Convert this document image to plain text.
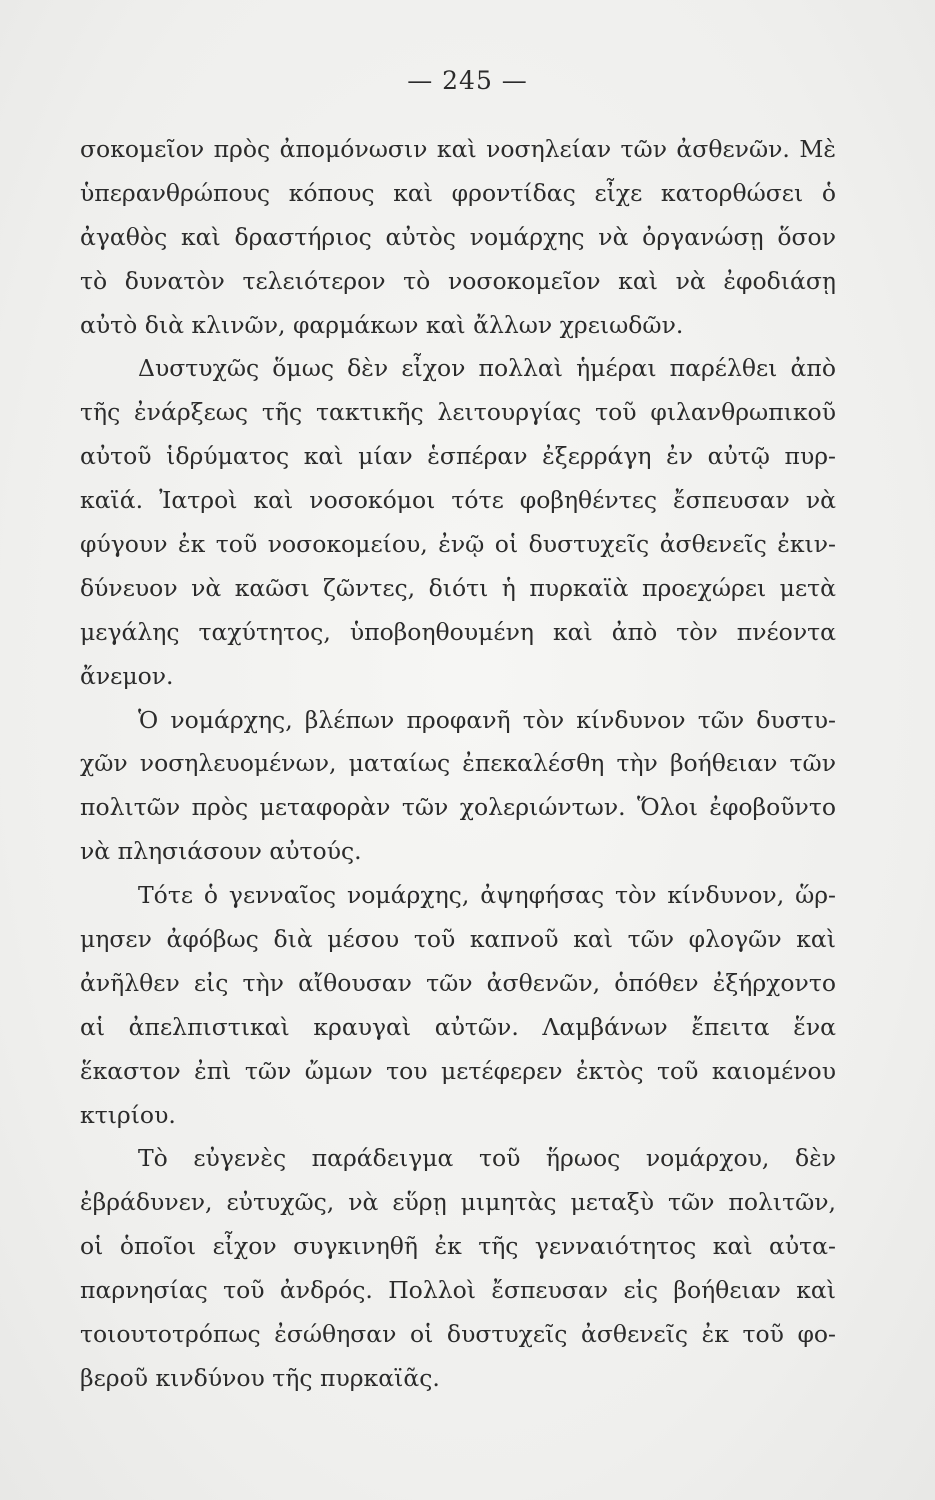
— 245 —
σοκομεῖον πρὸς ἀπομόνωσιν καὶ νοσηλείαν τῶν ἀσθενῶν. Μὲ
ὑπερανθρώπους κόπους καὶ φροντίδας εἶχε κατορθώσει ὁ
ἀγαθὸς καὶ δραστήριος αὐτὸς νομάρχης νὰ ὀργανώσῃ ὅσον
τὸ δυνατὸν τελειότερον τὸ νοσοκομεῖον καὶ νὰ ἐφοδιάσῃ
αὐτὸ διὰ κλινῶν, φαρμάκων καὶ ἄλλων χρειωδῶν.
Δυστυχῶς ὅμως δὲν εἶχον πολλαὶ ἡμέραι παρέλθει ἀπὸ
τῆς ἐνάρξεως τῆς τακτικῆς λειτουργίας τοῦ φιλανθρωπικοῦ
αὐτοῦ ἱδρύματος καὶ μίαν ἑσπέραν ἐξερράγη ἐν αὐτῷ πυρ-
καϊά. Ἰατροὶ καὶ νοσοκόμοι τότε φοβηθέντες ἔσπευσαν νὰ
φύγουν ἐκ τοῦ νοσοκομείου, ἐνῷ οἱ δυστυχεῖς ἀσθενεῖς ἐκιν-
δύνευον νὰ καῶσι ζῶντες, διότι ἡ πυρκαϊὰ προεχώρει μετὰ
μεγάλης ταχύτητος, ὑποβοηθουμένη καὶ ἀπὸ τὸν πνέοντα
ἄνεμον.
Ὁ νομάρχης, βλέπων προφανῆ τὸν κίνδυνον τῶν δυστυ-
χῶν νοσηλευομένων, ματαίως ἐπεκαλέσθη τὴν βοήθειαν τῶν
πολιτῶν πρὸς μεταφορὰν τῶν χολεριώντων. Ὅλοι ἐφοβοῦντο
νὰ πλησιάσουν αὐτούς.
Τότε ὁ γενναῖος νομάρχης, ἀψηφήσας τὸν κίνδυνον, ὥρ-
μησεν ἀφόβως διὰ μέσου τοῦ καπνοῦ καὶ τῶν φλογῶν καὶ
ἀνῆλθεν εἰς τὴν αἴθουσαν τῶν ἀσθενῶν, ὁπόθεν ἐξήρχοντο
αἱ ἀπελπιστικαὶ κραυγαὶ αὐτῶν. Λαμβάνων ἔπειτα ἕνα
ἕκαστον ἐπὶ τῶν ὤμων του μετέφερεν ἐκτὸς τοῦ καιομένου
κτιρίου.
Τὸ εὐγενὲς παράδειγμα τοῦ ἥρωος νομάρχου, δὲν
ἐβράδυνεν, εὐτυχῶς, νὰ εὕρῃ μιμητὰς μεταξὺ τῶν πολιτῶν,
οἱ ὁποῖοι εἶχον συγκινηθῆ ἐκ τῆς γενναιότητος καὶ αὐτα-
παρνησίας τοῦ ἀνδρός. Πολλοὶ ἔσπευσαν εἰς βοήθειαν καὶ
τοιουτοτρόπως ἐσώθησαν οἱ δυστυχεῖς ἀσθενεῖς ἐκ τοῦ φο-
βεροῦ κινδύνου τῆς πυρκαϊᾶς.
